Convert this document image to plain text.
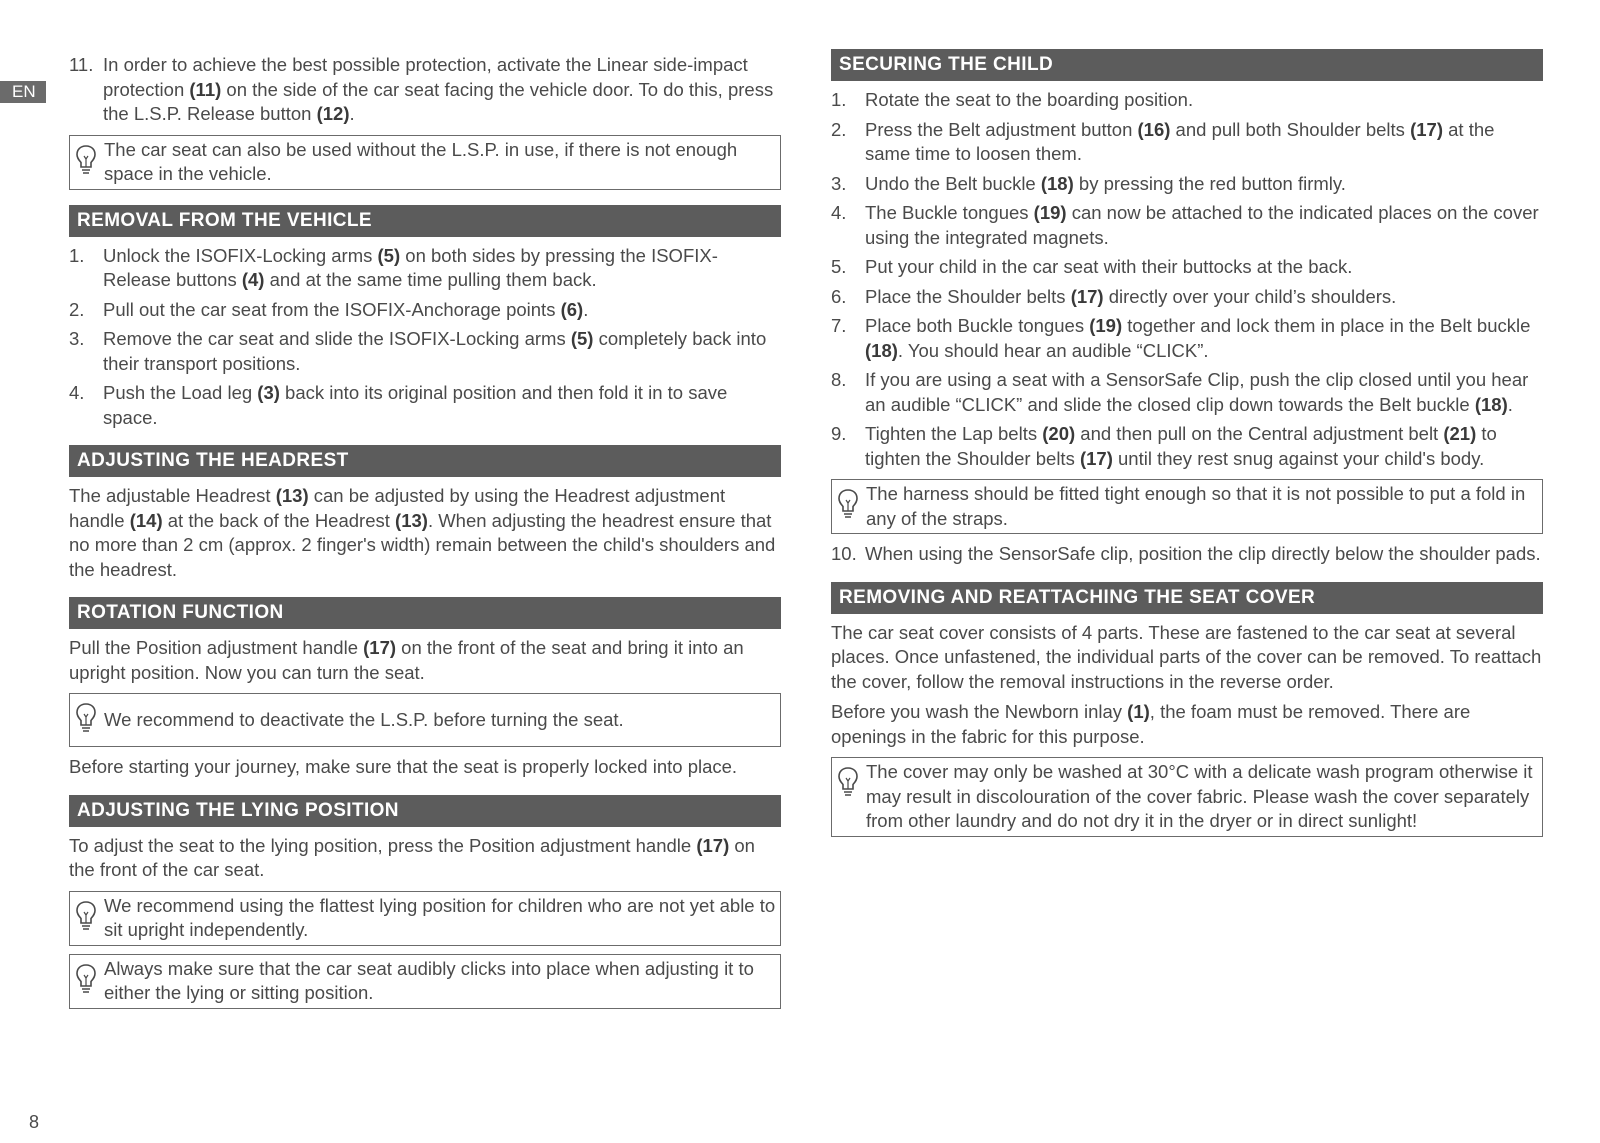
EN
8
11. In order to achieve the best possible protection, activate the Linear side-impact protection (11) on the side of the car seat facing the vehicle door. To do this, press the L.S.P. Release button (12).
The car seat can also be used without the L.S.P. in use, if there is not enough space in the vehicle.
REMOVAL FROM THE VEHICLE
1. Unlock the ISOFIX-Locking arms (5) on both sides by pressing the ISOFIX-Release buttons (4) and at the same time pulling them back.
2. Pull out the car seat from the ISOFIX-Anchorage points (6).
3. Remove the car seat and slide the ISOFIX-Locking arms (5) completely back into their transport positions.
4. Push the Load leg (3) back into its original position and then fold it in to save space.
ADJUSTING THE HEADREST

The adjustable Headrest (13) can be adjusted by using the Headrest adjustment handle (14) at the back of the Headrest (13). When adjusting the headrest ensure that no more than 2 cm (approx. 2 finger's width) remain between the child's shoulders and the headrest.

ROTATION FUNCTION

Pull the Position adjustment handle (17) on the front of the seat and bring it into an upright position. Now you can turn the seat.

We recommend to deactivate the L.S.P. before turning the seat.

Before starting your journey, make sure that the seat is properly locked into place.

ADJUSTING THE LYING POSITION

To adjust the seat to the lying position, press the Position adjustment handle (17) on the front of the car seat.

We recommend using the flattest lying position for children who are not yet able to sit upright independently.
Always make sure that the car seat audibly clicks into place when adjusting it to either the lying or sitting position.
SECURING THE CHILD
1. Rotate the seat to the boarding position.
2. Press the Belt adjustment button (16) and pull both Shoulder belts (17) at the same time to loosen them.
3. Undo the Belt buckle (18) by pressing the red button firmly.
4. The Buckle tongues (19) can now be attached to the indicated places on the cover using the integrated magnets.
5. Put your child in the car seat with their buttocks at the back.
6. Place the Shoulder belts (17) directly over your child’s shoulders.
7. Place both Buckle tongues (19) together and lock them in place in the Belt buckle (18). You should hear an audible “CLICK”.
8. If you are using a seat with a SensorSafe Clip, push the clip closed until you hear an audible “CLICK” and slide the closed clip down towards the Belt buckle (18).
9. Tighten the Lap belts (20) and then pull on the Central adjustment belt (21) to tighten the Shoulder belts (17) until they rest snug against your child's body.
The harness should be fitted tight enough so that it is not possible to put a fold in any of the straps.
10. When using the SensorSafe clip, position the clip directly below the shoulder pads.
REMOVING AND REATTACHING THE SEAT COVER

The car seat cover consists of 4 parts. These are fastened to the car seat at several places. Once unfastened, the individual parts of the cover can be removed. To reattach the cover, follow the removal instructions in the reverse order.

Before you wash the Newborn inlay (1), the foam must be removed. There are openings in the fabric for this purpose.

The cover may only be washed at 30°C with a delicate wash program otherwise it may result in discolouration of the cover fabric. Please wash the cover separately from other laundry and do not dry it in the dryer or in direct sunlight!
